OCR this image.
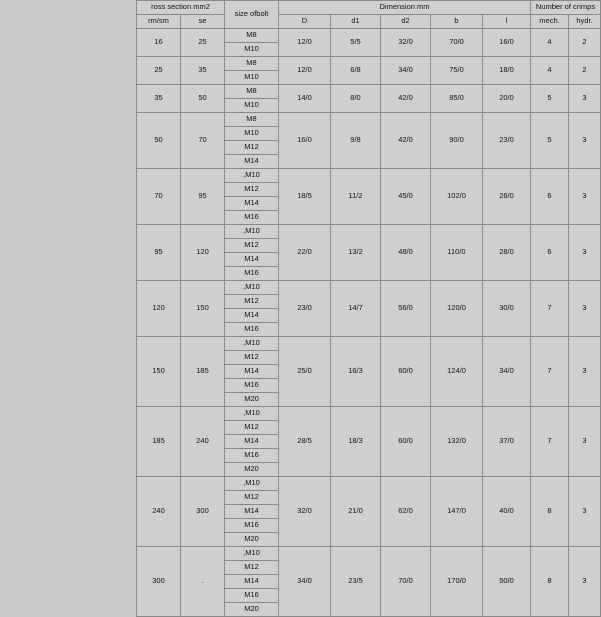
ross section mm2		size ofbolt	Dimension mm					Number of crimps	
rm/sm	se		D	d1	d2	b	l	mech.	hydr.
16	25	M8	12/0	5/5	32/0	70/0	16/0	4	2
		M10							
25	35	M8	12/0	6/8	34/0	75/0	18/0	4	2
		M10							
35	50	M8	14/0	8/0	42/0	85/0	20/0	5	3
		M10							
50	70	M8	16/0	9/8	42/0	90/0	23/0	5	3
		M10							
		M12							
		M14							
70	95	,M10	18/5	11/2	45/0	102/0	26/0	6	3
		M12							
		M14							
		M16							
95	120	,M10	22/0	13/2	48/0	110/0	28/0	6	3
		M12							
		M14							
		M16							
120	150	,M10	23/0	14/7	56/0	120/0	30/0	7	3
		M12							
		M14							
		M16							
150	185	,M10	25/0	16/3	60/0	124/0	34/0	7	3
		M12							
		M14							
		M16							
		M20							
185	240	,M10	28/5	18/3	60/0	132/0	37/0	7	3
		M12							
		M14							
		M16							
		M20							
240	300	,M10	32/0	21/0	62/0	147/0	40/0	8	3
		M12							
		M14							
		M16							
		M20							
300	.	,M10	34/0	23/5	70/0	170/0	50/0	8	3
		M12							
		M14							
		M16							
		M20							
